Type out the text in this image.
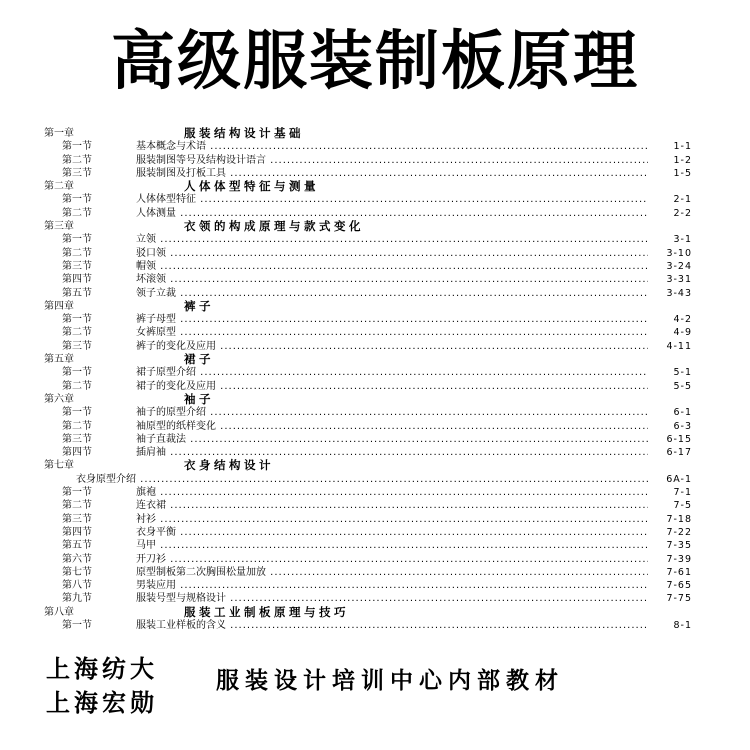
高级服装制板原理
第一章	服装结构设计基础
第一节	基本概念与术语 .....	1-1
第二节	服装制图等号及结构设计语言 .....	1-2
第三节	服装制图及打板工具 .....	1-5
第二章	人体体型特征与测量
第一节	人体体型特征 .....	2-1
第二节	人体测量 .....	2-2
第三章	衣领的构成原理与款式变化
第一节	立领 .....	3-1
第二节	驳口领 .....	3-10
第三节	帽领 .....	3-24
第四节	坏滚领 .....	3-31
第五节	领子立裁 .....	3-43
第四章	裤子
第一节	裤子母型 .....	4-2
第二节	女裤原型 .....	4-9
第三节	裤子的变化及应用 .....	4-11
第五章	裙子
第一节	裙子原型介绍 .....	5-1
第二节	裙子的变化及应用 .....	5-5
第六章	袖子
第一节	袖子的原型介绍 .....	6-1
第二节	袖原型的纸样变化 .....	6-3
第三节	袖子直裁法 .....	6-15
第四节	插肩袖 .....	6-17
第七章	衣身结构设计
衣身原型介绍 .....	6A-1
第一节	旗袍 .....	7-1
第二节	连衣裙 .....	7-5
第三节	衬衫 .....	7-18
第四节	衣身平衡 .....	7-22
第五节	马甲 .....	7-35
第六节	开刀衫 .....	7-39
第七节	原型制板第二次胸围松量加放 .....	7-61
第八节	男装应用 .....	7-65
第九节	服装号型与规格设计 .....	7-75
第八章	服装工业制板原理与技巧
第一节	服装工业样板的含义 .....	8-1
上海纺大
上海宏勋
服装设计培训中心内部教材
